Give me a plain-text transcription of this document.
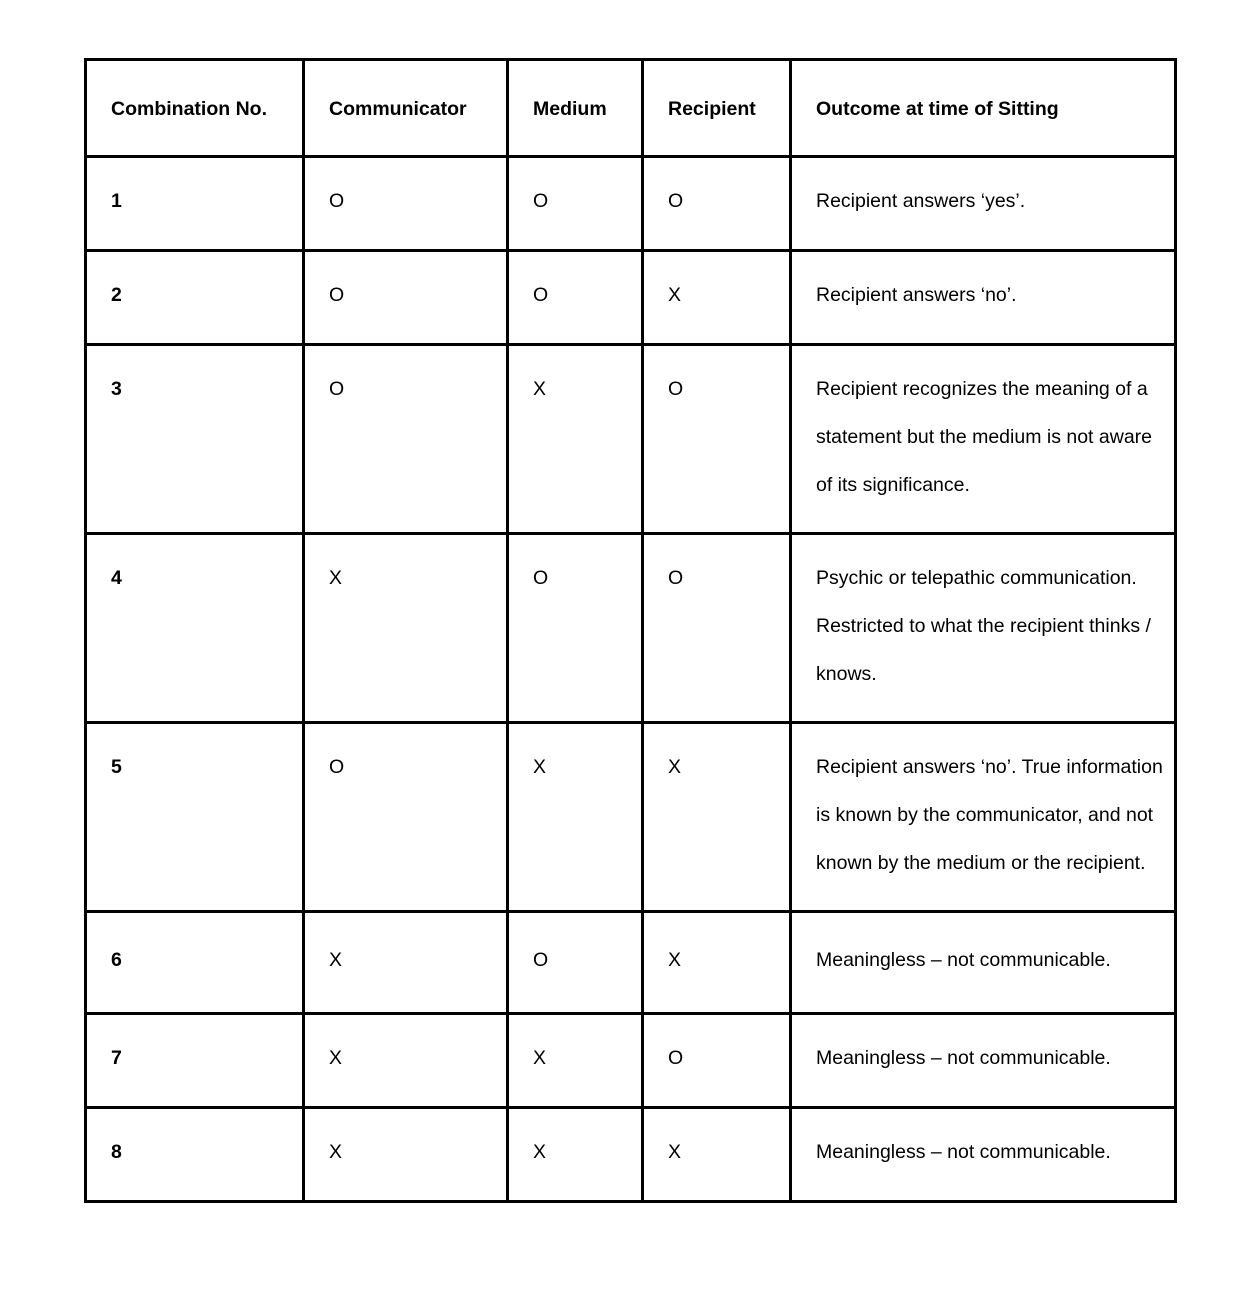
Combination No.	Communicator	Medium	Recipient	Outcome at time of Sitting
1	O	O	O	Recipient answers ‘yes’.
2	O	O	X	Recipient answers ‘no’.
3	O	X	O	Recipient recognizes the meaning of a statement but the medium is not aware of its significance.
4	X	O	O	Psychic or telepathic communication. Restricted to what the recipient thinks / knows.
5	O	X	X	Recipient answers ‘no’. True information is known by the communicator, and not known by the medium or the recipient.
6	X	O	X	Meaningless – not communicable.
7	X	X	O	Meaningless – not communicable.
8	X	X	X	Meaningless – not communicable.
